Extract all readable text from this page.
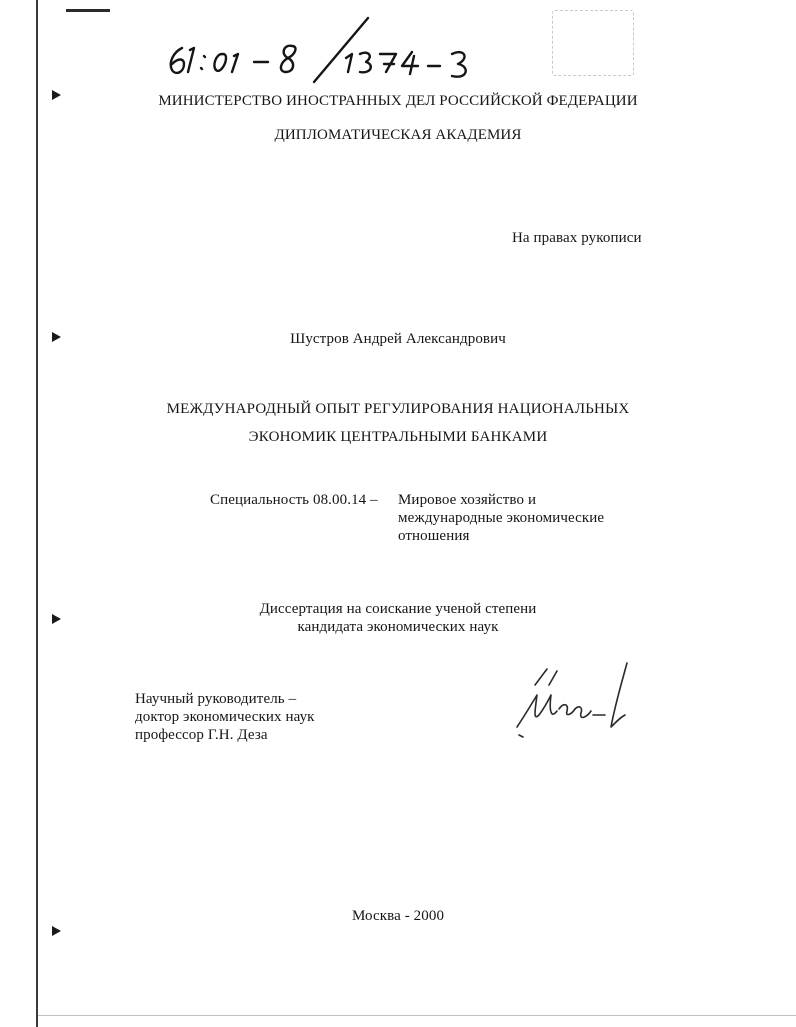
МИНИСТЕРСТВО ИНОСТРАННЫХ ДЕЛ РОССИЙСКОЙ ФЕДЕРАЦИИ
ДИПЛОМАТИЧЕСКАЯ АКАДЕМИЯ
На правах рукописи
Шустров Андрей Александрович
МЕЖДУНАРОДНЫЙ ОПЫТ РЕГУЛИРОВАНИЯ НАЦИОНАЛЬНЫХ
ЭКОНОМИК ЦЕНТРАЛЬНЫМИ БАНКАМИ
Специальность 08.00.14 – Мировое хозяйство и
международные экономические
отношения
Диссертация на соискание ученой степени
кандидата экономических наук
Научный руководитель –
доктор экономических наук
профессор Г.Н. Деза
Москва - 2000
